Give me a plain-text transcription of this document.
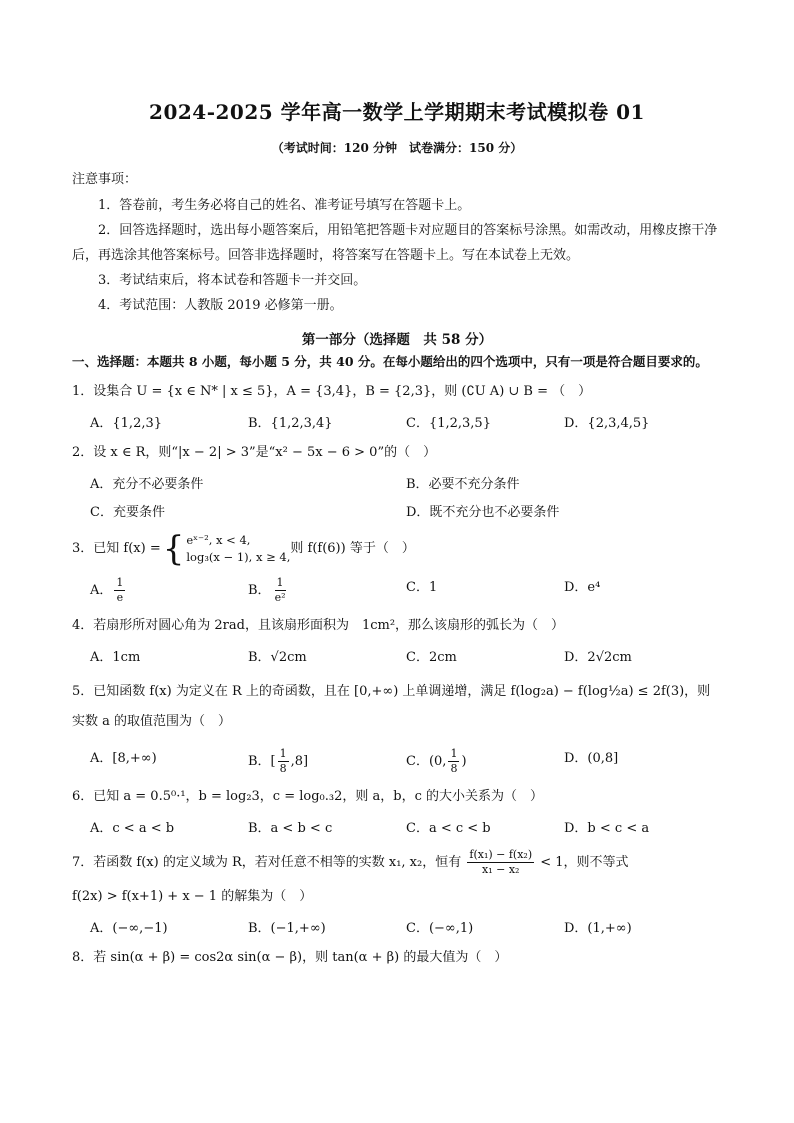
2024-2025 学年高一数学上学期期末考试模拟卷 01
（考试时间：120 分钟　试卷满分：150 分）
注意事项：

1．答卷前，考生务必将自己的姓名、准考证号填写在答题卡上。

2．回答选择题时，选出每小题答案后，用铅笔把答题卡对应题目的答案标号涂黑。如需改动，用橡皮擦干净后，再选涂其他答案标号。回答非选择题时，将答案写在答题卡上。写在本试卷上无效。

3．考试结束后，将本试卷和答题卡一并交回。

4．考试范围：人教版 2019 必修第一册。

第一部分（选择题　共 58 分）
一、选择题：本题共 8 小题，每小题 5 分，共 40 分。在每小题给出的四个选项中，只有一项是符合题目要求的。
1．设集合 U = {x ∈ N* | x ≤ 5}，A = {3,4}，B = {2,3}，则 (∁U A) ∪ B = （　）
A．{1,2,3}	B．{1,2,3,4}	C．{1,2,3,5}	D．{2,3,4,5}
2．设 x ∈ R，则“|x − 2| > 3”是“x² − 5x − 6 > 0”的（　）
A．充分不必要条件	B．必要不充分条件
C．充要条件	D．既不充分也不必要条件
3．已知 f(x) = { eˣ⁻², x < 4,
log₃(x − 1), x ≥ 4,
则 f(f(6)) 等于（　）
A． $\frac{1}{e}$	B． $\frac{1}{\text{e²}}$	C．1	D．e⁴
4．若扇形所对圆心角为 2rad，且该扇形面积为　1cm²，那么该扇形的弧长为（　）
A．1cm	B．√2cm	C．2cm	D．2√2cm
5．已知函数 f(x) 为定义在 R 上的奇函数，且在 [0,+∞) 上单调递增，满足 f(log₂a) − f(log½a) ≤ 2f(3)，则实数 a 的取值范围为（　）
A．[8,+∞)	B．[ $\frac{1}{8} ,8$]	C．(0, $\frac{1}{8}$ )	D．(0,8]
6．已知 a = 0.5⁰·¹，b = log₂3，c = log₀.₃2，则 a，b，c 的大小关系为（　）
A．c < a < b	B．a < b < c	C．a < c < b	D．b < c < a
7．若函数 f(x) 的定义域为 R，若对任意不相等的实数 x₁, x₂，恒有 $\frac{\text{f(x₁) − f(x₂)}}{\text{x₁ − x₂}} < 1$，则不等式
f(2x) > f(x+1) + x − 1 的解集为（　）
A．(−∞,−1)	B．(−1,+∞)	C．(−∞,1)	D．(1,+∞)
8．若 sin(α + β) = cos2α sin(α − β)，则 tan(α + β) 的最大值为（　）
